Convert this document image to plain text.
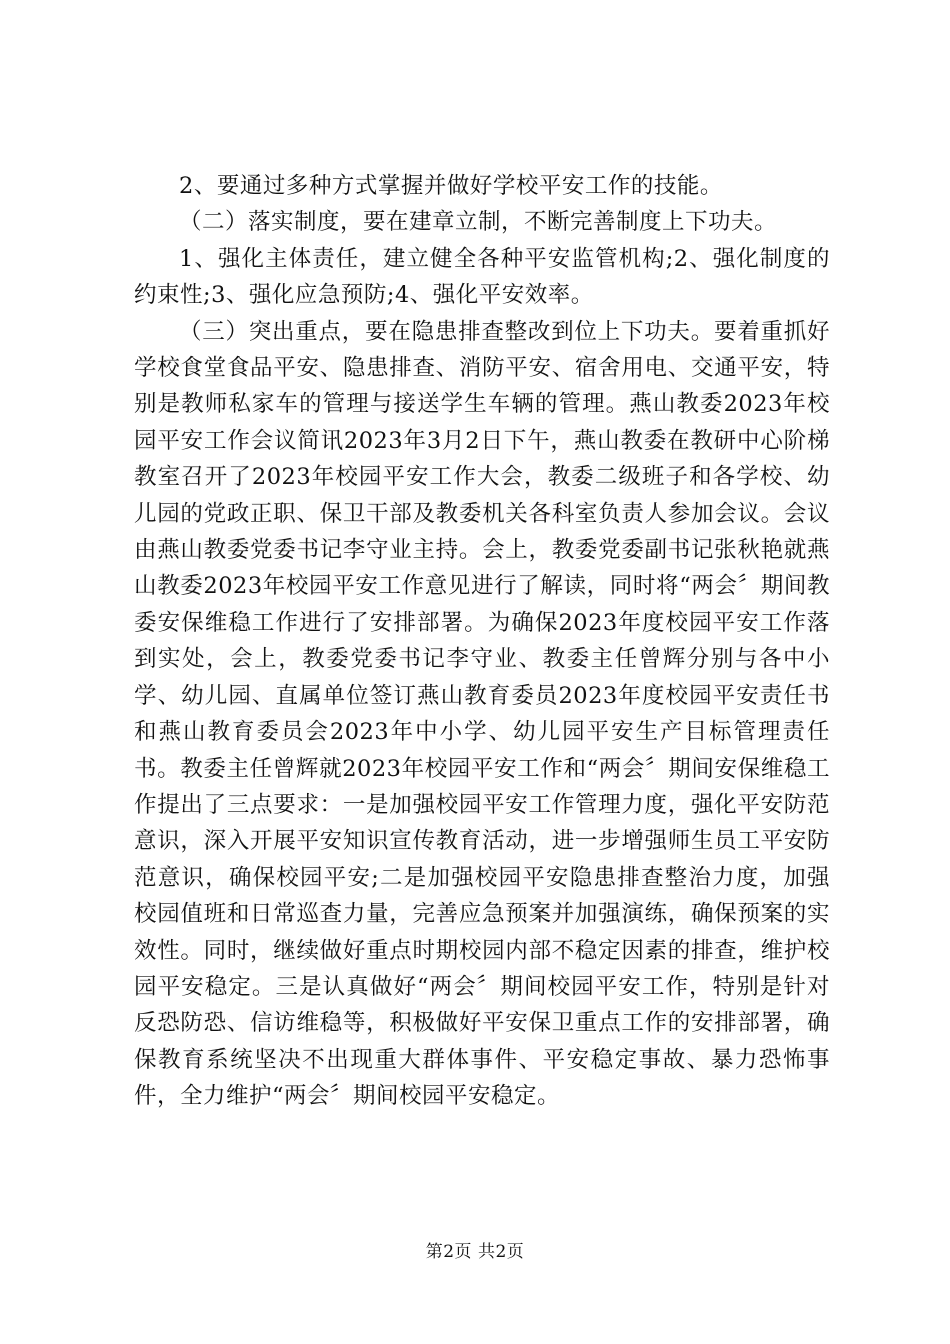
2、要通过多种方式掌握并做好学校平安工作的技能。

（二）落实制度，要在建章立制，不断完善制度上下功夫。

1、强化主体责任，建立健全各种平安监管机构;2、强化制度的约束性;3、强化应急预防;4、强化平安效率。

（三）突出重点，要在隐患排查整改到位上下功夫。要着重抓好学校食堂食品平安、隐患排查、消防平安、宿舍用电、交通平安，特别是教师私家车的管理与接送学生车辆的管理。燕山教委2023年校园平安工作会议简讯2023年3月2日下午，燕山教委在教研中心阶梯教室召开了2023年校园平安工作大会，教委二级班子和各学校、幼儿园的党政正职、保卫干部及教委机关各科室负责人参加会议。会议由燕山教委党委书记李守业主持。会上，教委党委副书记张秋艳就燕山教委2023年校园平安工作意见进行了解读，同时将“两会〞期间教委安保维稳工作进行了安排部署。为确保2023年度校园平安工作落到实处，会上，教委党委书记李守业、教委主任曾辉分别与各中小学、幼儿园、直属单位签订燕山教育委员2023年度校园平安责任书和燕山教育委员会2023年中小学、幼儿园平安生产目标管理责任书。教委主任曾辉就2023年校园平安工作和“两会〞期间安保维稳工作提出了三点要求：一是加强校园平安工作管理力度，强化平安防范意识，深入开展平安知识宣传教育活动，进一步增强师生员工平安防范意识，确保校园平安;二是加强校园平安隐患排查整治力度，加强校园值班和日常巡查力量，完善应急预案并加强演练，确保预案的实效性。同时，继续做好重点时期校园内部不稳定因素的排查，维护校园平安稳定。三是认真做好“两会〞期间校园平安工作，特别是针对反恐防恐、信访维稳等，积极做好平安保卫重点工作的安排部署，确保教育系统坚决不出现重大群体事件、平安稳定事故、暴力恐怖事件，全力维护“两会〞期间校园平安稳定。

第2页 共2页
